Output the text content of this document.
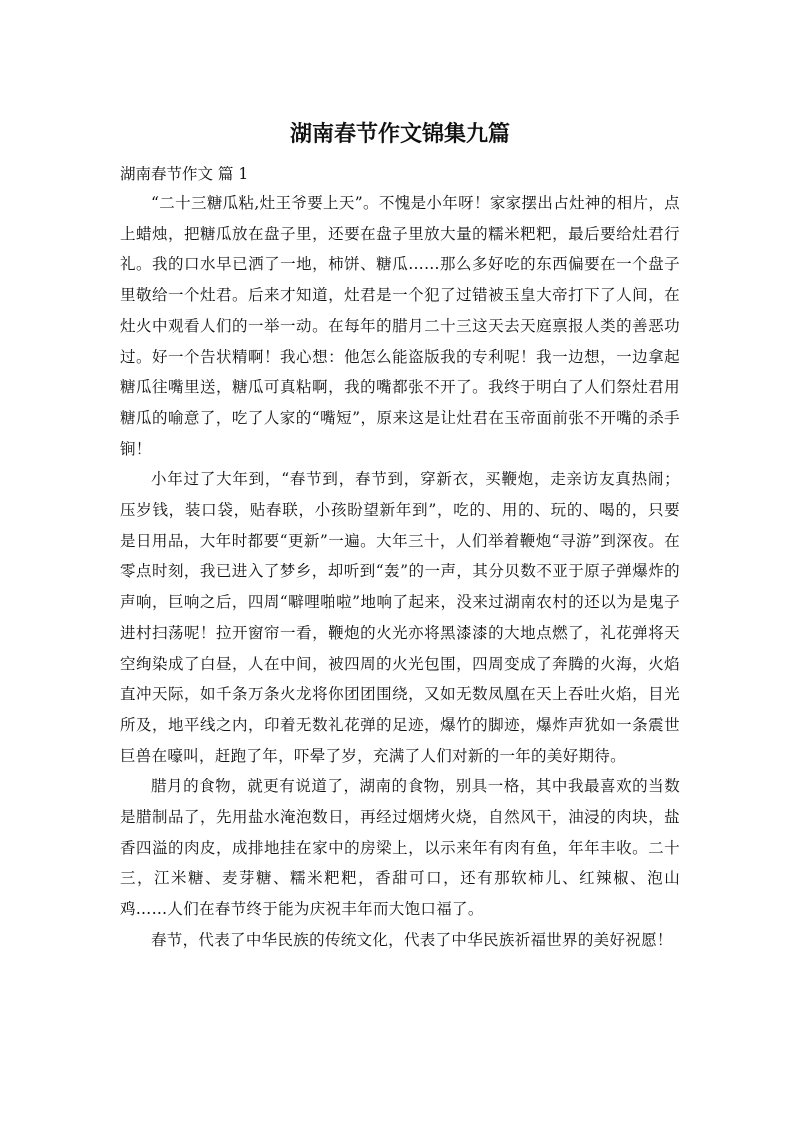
湖南春节作文锦集九篇
湖南春节作文 篇 1

“二十三糖瓜粘,灶王爷要上天”。不愧是小年呀！家家摆出占灶神的相片，点上蜡烛，把糖瓜放在盘子里，还要在盘子里放大量的糯米粑粑，最后要给灶君行礼。我的口水早已洒了一地，柿饼、糖瓜……那么多好吃的东西偏要在一个盘子里敬给一个灶君。后来才知道，灶君是一个犯了过错被玉皇大帝打下了人间，在灶火中观看人们的一举一动。在每年的腊月二十三这天去天庭禀报人类的善恶功过。好一个告状精啊！我心想：他怎么能盗版我的专利呢！我一边想，一边拿起糖瓜往嘴里送，糖瓜可真粘啊，我的嘴都张不开了。我终于明白了人们祭灶君用糖瓜的喻意了，吃了人家的“嘴短”，原来这是让灶君在玉帝面前张不开嘴的杀手锏！

小年过了大年到，“春节到，春节到，穿新衣，买鞭炮，走亲访友真热闹；压岁钱，装口袋，贴春联，小孩盼望新年到”，吃的、用的、玩的、喝的，只要是日用品，大年时都要“更新”一遍。大年三十，人们举着鞭炮“寻游”到深夜。在零点时刻，我已进入了梦乡，却听到“轰”的一声，其分贝数不亚于原子弹爆炸的声响，巨响之后，四周“噼哩啪啦”地响了起来，没来过湖南农村的还以为是鬼子进村扫荡呢！拉开窗帘一看，鞭炮的火光亦将黑漆漆的大地点燃了，礼花弹将天空绚染成了白昼，人在中间，被四周的火光包围，四周变成了奔腾的火海，火焰直冲天际，如千条万条火龙将你团团围绕，又如无数凤凰在天上吞吐火焰，目光所及，地平线之内，印着无数礼花弹的足迹，爆竹的脚迹，爆炸声犹如一条震世巨兽在嚎叫，赶跑了年，吓晕了岁，充满了人们对新的一年的美好期待。

腊月的食物，就更有说道了，湖南的食物，别具一格，其中我最喜欢的当数是腊制品了，先用盐水淹泡数日，再经过烟烤火烧，自然风干，油浸的肉块，盐香四溢的肉皮，成排地挂在家中的房梁上，以示来年有肉有鱼，年年丰收。二十三，江米糖、麦芽糖、糯米粑粑，香甜可口，还有那软柿儿、红辣椒、泡山鸡……人们在春节终于能为庆祝丰年而大饱口福了。

春节，代表了中华民族的传统文化，代表了中华民族祈福世界的美好祝愿！
